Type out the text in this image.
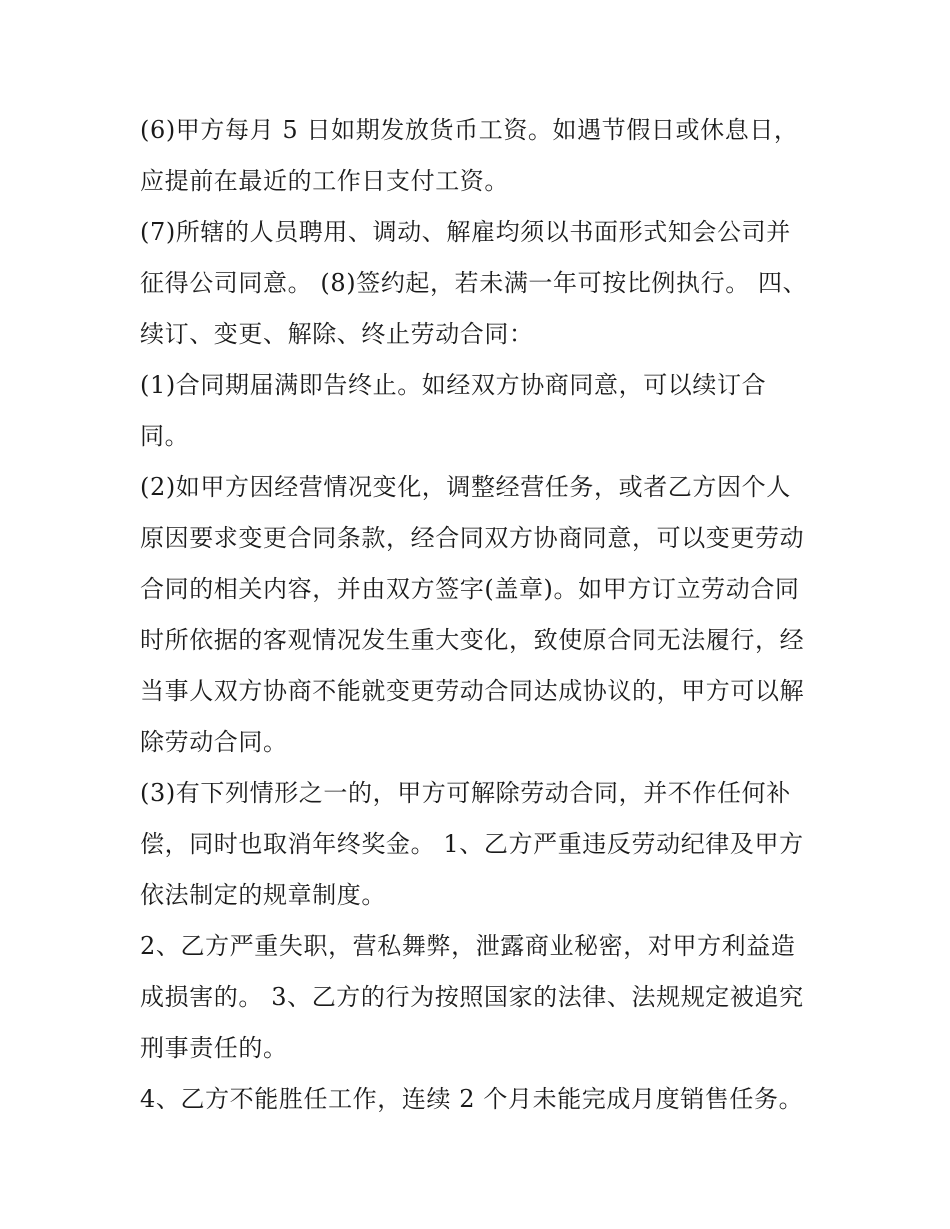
(6)甲方每月 5 日如期发放货币工资。如遇节假日或休息日，
应提前在最近的工作日支付工资。
(7)所辖的人员聘用、调动、解雇均须以书面形式知会公司并
征得公司同意。 (8)签约起，若未满一年可按比例执行。 四、
续订、变更、解除、终止劳动合同：
(1)合同期届满即告终止。如经双方协商同意，可以续订合
同。
(2)如甲方因经营情况变化，调整经营任务，或者乙方因个人
原因要求变更合同条款，经合同双方协商同意，可以变更劳动
合同的相关内容，并由双方签字(盖章)。如甲方订立劳动合同
时所依据的客观情况发生重大变化，致使原合同无法履行，经
当事人双方协商不能就变更劳动合同达成协议的，甲方可以解
除劳动合同。
(3)有下列情形之一的，甲方可解除劳动合同，并不作任何补
偿，同时也取消年终奖金。 1、乙方严重违反劳动纪律及甲方
依法制定的规章制度。
2、乙方严重失职，营私舞弊，泄露商业秘密，对甲方利益造
成损害的。 3、乙方的行为按照国家的法律、法规规定被追究
刑事责任的。
4、乙方不能胜任工作，连续 2 个月未能完成月度销售任务。
